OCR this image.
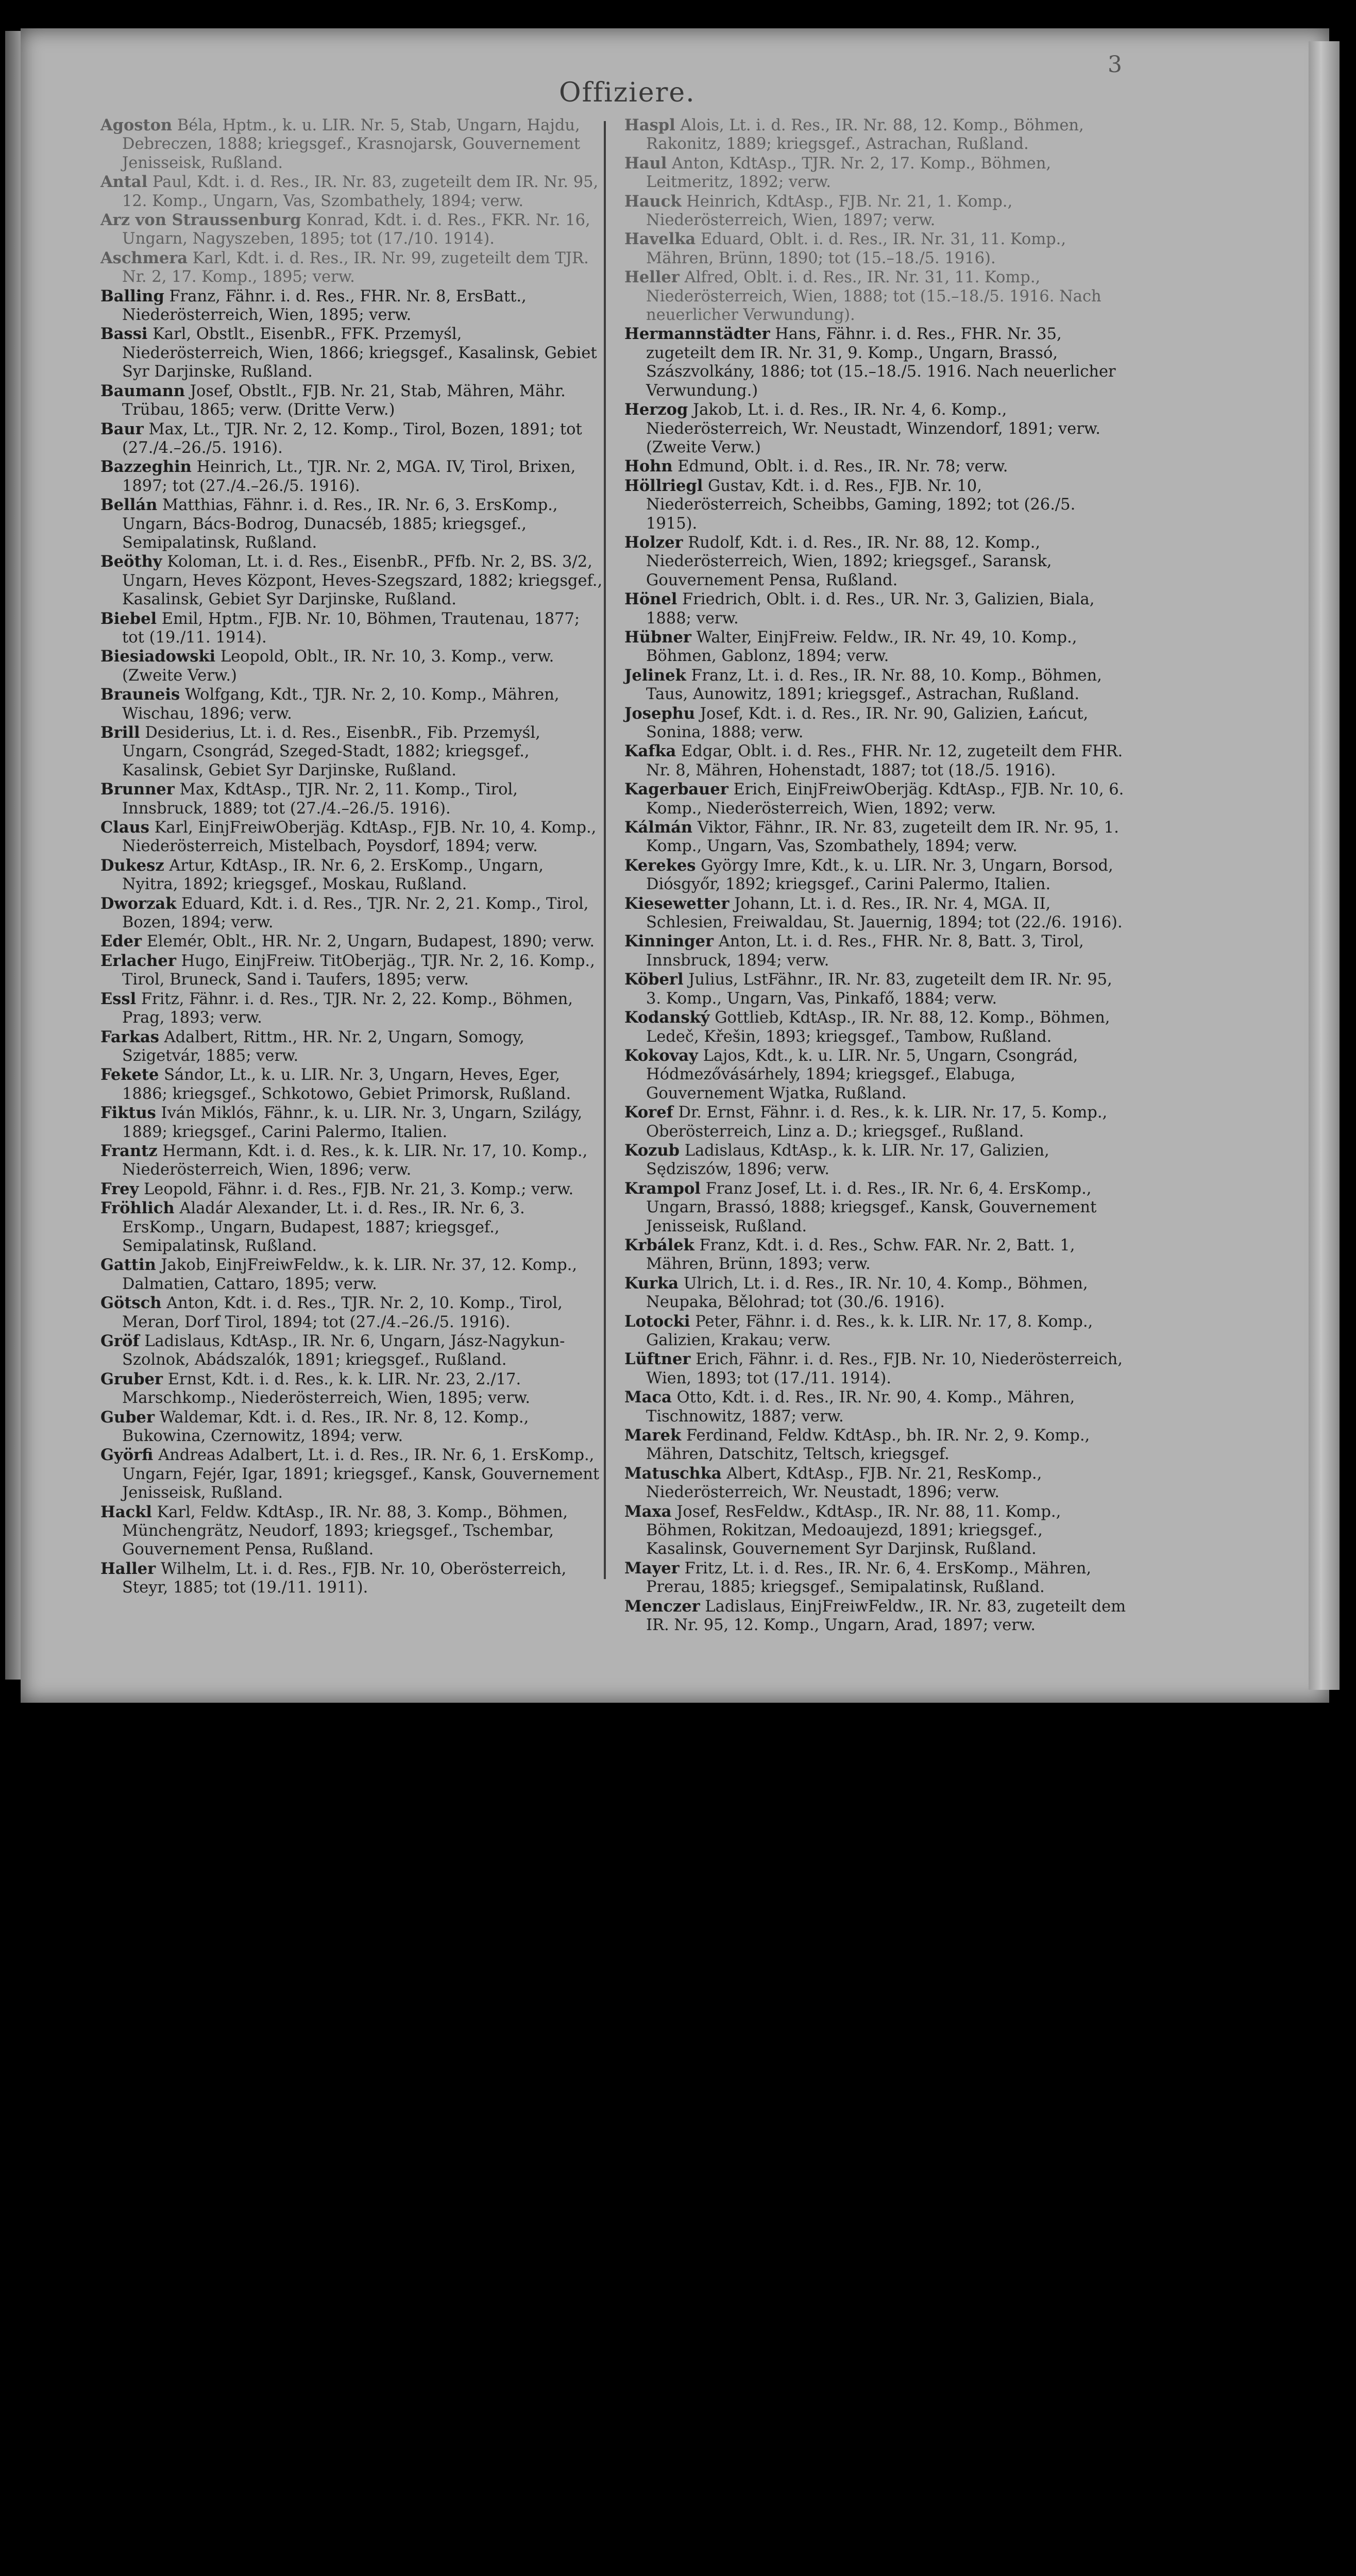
3
Offiziere.
Agoston Béla, Hptm., k. u. LIR. Nr. 5, Stab, Ungarn, Hajdu, Debreczen, 1888; kriegsgef., Krasnojarsk, Gouvernement Jenisseisk, Rußland.
Antal Paul, Kdt. i. d. Res., IR. Nr. 83, zugeteilt dem IR. Nr. 95, 12. Komp., Ungarn, Vas, Szombathely, 1894; verw.
Arz von Straussenburg Konrad, Kdt. i. d. Res., FKR. Nr. 16, Ungarn, Nagyszeben, 1895; tot (17./10. 1914).
Aschmera Karl, Kdt. i. d. Res., IR. Nr. 99, zugeteilt dem TJR. Nr. 2, 17. Komp., 1895; verw.
Balling Franz, Fähnr. i. d. Res., FHR. Nr. 8, ErsBatt., Niederösterreich, Wien, 1895; verw.
Bassi Karl, Obstlt., EisenbR., FFK. Przemyśl, Niederösterreich, Wien, 1866; kriegsgef., Kasalinsk, Gebiet Syr Darjinske, Rußland.
Baumann Josef, Obstlt., FJB. Nr. 21, Stab, Mähren, Mähr. Trübau, 1865; verw. (Dritte Verw.)
Baur Max, Lt., TJR. Nr. 2, 12. Komp., Tirol, Bozen, 1891; tot (27./4.–26./5. 1916).
Bazzeghin Heinrich, Lt., TJR. Nr. 2, MGA. IV, Tirol, Brixen, 1897; tot (27./4.–26./5. 1916).
Bellán Matthias, Fähnr. i. d. Res., IR. Nr. 6, 3. ErsKomp., Ungarn, Bács-Bodrog, Dunacséb, 1885; kriegsgef., Semipalatinsk, Rußland.
Beöthy Koloman, Lt. i. d. Res., EisenbR., PFfb. Nr. 2, BS. 3/2, Ungarn, Heves Központ, Heves-Szegszard, 1882; kriegsgef., Kasalinsk, Gebiet Syr Darjinske, Rußland.
Biebel Emil, Hptm., FJB. Nr. 10, Böhmen, Trautenau, 1877; tot (19./11. 1914).
Biesiadowski Leopold, Oblt., IR. Nr. 10, 3. Komp., verw. (Zweite Verw.)
Brauneis Wolfgang, Kdt., TJR. Nr. 2, 10. Komp., Mähren, Wischau, 1896; verw.
Brill Desiderius, Lt. i. d. Res., EisenbR., Fib. Przemyśl, Ungarn, Csongrád, Szeged-Stadt, 1882; kriegsgef., Kasalinsk, Gebiet Syr Darjinske, Rußland.
Brunner Max, KdtAsp., TJR. Nr. 2, 11. Komp., Tirol, Innsbruck, 1889; tot (27./4.–26./5. 1916).
Claus Karl, EinjFreiwOberjäg. KdtAsp., FJB. Nr. 10, 4. Komp., Niederösterreich, Mistelbach, Poysdorf, 1894; verw.
Dukesz Artur, KdtAsp., IR. Nr. 6, 2. ErsKomp., Ungarn, Nyitra, 1892; kriegsgef., Moskau, Rußland.
Dworzak Eduard, Kdt. i. d. Res., TJR. Nr. 2, 21. Komp., Tirol, Bozen, 1894; verw.
Eder Elemér, Oblt., HR. Nr. 2, Ungarn, Budapest, 1890; verw.
Erlacher Hugo, EinjFreiw. TitOberjäg., TJR. Nr. 2, 16. Komp., Tirol, Bruneck, Sand i. Taufers, 1895; verw.
Essl Fritz, Fähnr. i. d. Res., TJR. Nr. 2, 22. Komp., Böhmen, Prag, 1893; verw.
Farkas Adalbert, Rittm., HR. Nr. 2, Ungarn, Somogy, Szigetvár, 1885; verw.
Fekete Sándor, Lt., k. u. LIR. Nr. 3, Ungarn, Heves, Eger, 1886; kriegsgef., Schkotowo, Gebiet Primorsk, Rußland.
Fiktus Iván Miklós, Fähnr., k. u. LIR. Nr. 3, Ungarn, Szilágy, 1889; kriegsgef., Carini Palermo, Italien.
Frantz Hermann, Kdt. i. d. Res., k. k. LIR. Nr. 17, 10. Komp., Niederösterreich, Wien, 1896; verw.
Frey Leopold, Fähnr. i. d. Res., FJB. Nr. 21, 3. Komp.; verw.
Fröhlich Aladár Alexander, Lt. i. d. Res., IR. Nr. 6, 3. ErsKomp., Ungarn, Budapest, 1887; kriegsgef., Semipalatinsk, Rußland.
Gattin Jakob, EinjFreiwFeldw., k. k. LIR. Nr. 37, 12. Komp., Dalmatien, Cattaro, 1895; verw.
Götsch Anton, Kdt. i. d. Res., TJR. Nr. 2, 10. Komp., Tirol, Meran, Dorf Tirol, 1894; tot (27./4.–26./5. 1916).
Gröf Ladislaus, KdtAsp., IR. Nr. 6, Ungarn, Jász-Nagykun-Szolnok, Abádszalók, 1891; kriegsgef., Rußland.
Gruber Ernst, Kdt. i. d. Res., k. k. LIR. Nr. 23, 2./17. Marschkomp., Niederösterreich, Wien, 1895; verw.
Guber Waldemar, Kdt. i. d. Res., IR. Nr. 8, 12. Komp., Bukowina, Czernowitz, 1894; verw.
Györfi Andreas Adalbert, Lt. i. d. Res., IR. Nr. 6, 1. ErsKomp., Ungarn, Fejér, Igar, 1891; kriegsgef., Kansk, Gouvernement Jenisseisk, Rußland.
Hackl Karl, Feldw. KdtAsp., IR. Nr. 88, 3. Komp., Böhmen, Münchengrätz, Neudorf, 1893; kriegsgef., Tschembar, Gouvernement Pensa, Rußland.
Haller Wilhelm, Lt. i. d. Res., FJB. Nr. 10, Oberösterreich, Steyr, 1885; tot (19./11. 1911).
Haspl Alois, Lt. i. d. Res., IR. Nr. 88, 12. Komp., Böhmen, Rakonitz, 1889; kriegsgef., Astrachan, Rußland.
Haul Anton, KdtAsp., TJR. Nr. 2, 17. Komp., Böhmen, Leitmeritz, 1892; verw.
Hauck Heinrich, KdtAsp., FJB. Nr. 21, 1. Komp., Niederösterreich, Wien, 1897; verw.
Havelka Eduard, Oblt. i. d. Res., IR. Nr. 31, 11. Komp., Mähren, Brünn, 1890; tot (15.–18./5. 1916).
Heller Alfred, Oblt. i. d. Res., IR. Nr. 31, 11. Komp., Niederösterreich, Wien, 1888; tot (15.–18./5. 1916. Nach neuerlicher Verwundung).
Hermannstädter Hans, Fähnr. i. d. Res., FHR. Nr. 35, zugeteilt dem IR. Nr. 31, 9. Komp., Ungarn, Brassó, Szászvolkány, 1886; tot (15.–18./5. 1916. Nach neuerlicher Verwundung.)
Herzog Jakob, Lt. i. d. Res., IR. Nr. 4, 6. Komp., Niederösterreich, Wr. Neustadt, Winzendorf, 1891; verw. (Zweite Verw.)
Hohn Edmund, Oblt. i. d. Res., IR. Nr. 78; verw.
Höllriegl Gustav, Kdt. i. d. Res., FJB. Nr. 10, Niederösterreich, Scheibbs, Gaming, 1892; tot (26./5. 1915).
Holzer Rudolf, Kdt. i. d. Res., IR. Nr. 88, 12. Komp., Niederösterreich, Wien, 1892; kriegsgef., Saransk, Gouvernement Pensa, Rußland.
Hönel Friedrich, Oblt. i. d. Res., UR. Nr. 3, Galizien, Biala, 1888; verw.
Hübner Walter, EinjFreiw. Feldw., IR. Nr. 49, 10. Komp., Böhmen, Gablonz, 1894; verw.
Jelinek Franz, Lt. i. d. Res., IR. Nr. 88, 10. Komp., Böhmen, Taus, Aunowitz, 1891; kriegsgef., Astrachan, Rußland.
Josephu Josef, Kdt. i. d. Res., IR. Nr. 90, Galizien, Łańcut, Sonina, 1888; verw.
Kafka Edgar, Oblt. i. d. Res., FHR. Nr. 12, zugeteilt dem FHR. Nr. 8, Mähren, Hohenstadt, 1887; tot (18./5. 1916).
Kagerbauer Erich, EinjFreiwOberjäg. KdtAsp., FJB. Nr. 10, 6. Komp., Niederösterreich, Wien, 1892; verw.
Kálmán Viktor, Fähnr., IR. Nr. 83, zugeteilt dem IR. Nr. 95, 1. Komp., Ungarn, Vas, Szombathely, 1894; verw.
Kerekes György Imre, Kdt., k. u. LIR. Nr. 3, Ungarn, Borsod, Diósgyőr, 1892; kriegsgef., Carini Palermo, Italien.
Kiesewetter Johann, Lt. i. d. Res., IR. Nr. 4, MGA. II, Schlesien, Freiwaldau, St. Jauernig, 1894; tot (22./6. 1916).
Kinninger Anton, Lt. i. d. Res., FHR. Nr. 8, Batt. 3, Tirol, Innsbruck, 1894; verw.
Köberl Julius, LstFähnr., IR. Nr. 83, zugeteilt dem IR. Nr. 95, 3. Komp., Ungarn, Vas, Pinkafő, 1884; verw.
Kodanský Gottlieb, KdtAsp., IR. Nr. 88, 12. Komp., Böhmen, Ledeč, Křešin, 1893; kriegsgef., Tambow, Rußland.
Kokovay Lajos, Kdt., k. u. LIR. Nr. 5, Ungarn, Csongrád, Hódmezővásárhely, 1894; kriegsgef., Elabuga, Gouvernement Wjatka, Rußland.
Koref Dr. Ernst, Fähnr. i. d. Res., k. k. LIR. Nr. 17, 5. Komp., Oberösterreich, Linz a. D.; kriegsgef., Rußland.
Kozub Ladislaus, KdtAsp., k. k. LIR. Nr. 17, Galizien, Sędziszów, 1896; verw.
Krampol Franz Josef, Lt. i. d. Res., IR. Nr. 6, 4. ErsKomp., Ungarn, Brassó, 1888; kriegsgef., Kansk, Gouvernement Jenisseisk, Rußland.
Krbálek Franz, Kdt. i. d. Res., Schw. FAR. Nr. 2, Batt. 1, Mähren, Brünn, 1893; verw.
Kurka Ulrich, Lt. i. d. Res., IR. Nr. 10, 4. Komp., Böhmen, Neupaka, Bělohrad; tot (30./6. 1916).
Lotocki Peter, Fähnr. i. d. Res., k. k. LIR. Nr. 17, 8. Komp., Galizien, Krakau; verw.
Lüftner Erich, Fähnr. i. d. Res., FJB. Nr. 10, Niederösterreich, Wien, 1893; tot (17./11. 1914).
Maca Otto, Kdt. i. d. Res., IR. Nr. 90, 4. Komp., Mähren, Tischnowitz, 1887; verw.
Marek Ferdinand, Feldw. KdtAsp., bh. IR. Nr. 2, 9. Komp., Mähren, Datschitz, Teltsch, kriegsgef.
Matuschka Albert, KdtAsp., FJB. Nr. 21, ResKomp., Niederösterreich, Wr. Neustadt, 1896; verw.
Maxa Josef, ResFeldw., KdtAsp., IR. Nr. 88, 11. Komp., Böhmen, Rokitzan, Medoaujezd, 1891; kriegsgef., Kasalinsk, Gouvernement Syr Darjinsk, Rußland.
Mayer Fritz, Lt. i. d. Res., IR. Nr. 6, 4. ErsKomp., Mähren, Prerau, 1885; kriegsgef., Semipalatinsk, Rußland.
Menczer Ladislaus, EinjFreiwFeldw., IR. Nr. 83, zugeteilt dem IR. Nr. 95, 12. Komp., Ungarn, Arad, 1897; verw.
